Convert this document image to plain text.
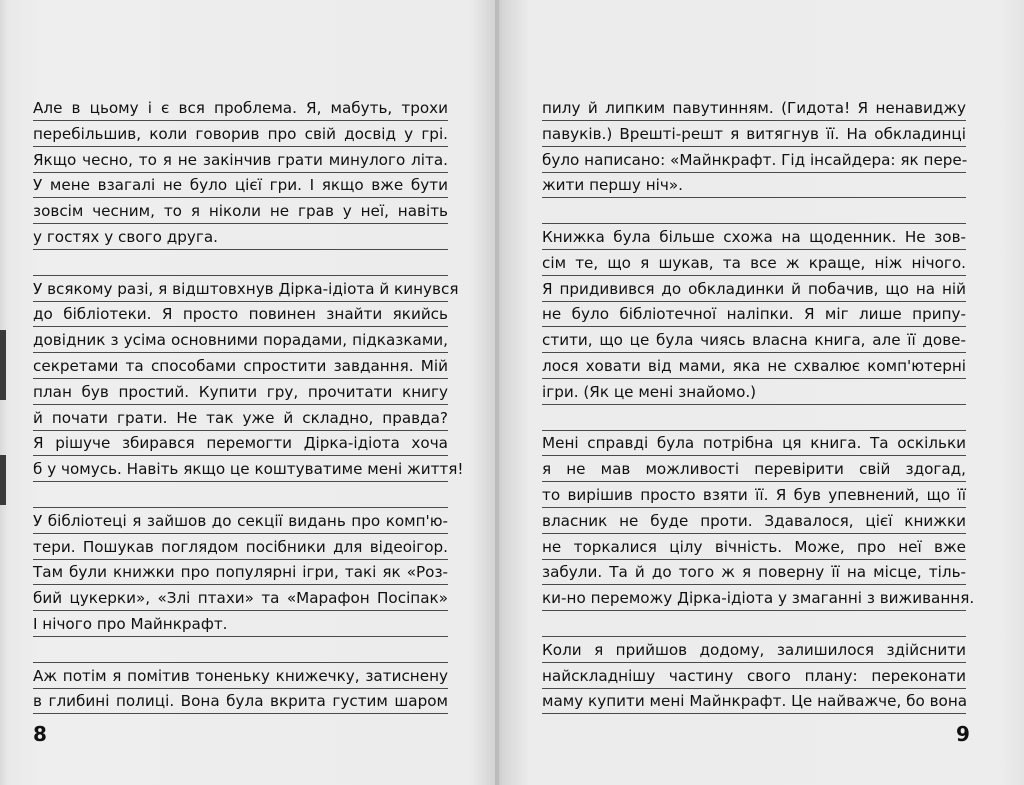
Але в цьому і є вся проблема. Я, мабуть, трохи
перебільшив, коли говорив про свій досвід у грі.
Якщо чесно, то я не закінчив грати минулого літа.
У мене взагалі не було цієї гри. І якщо вже бути
зовсім чесним, то я ніколи не грав у неї, навіть
у гостях у свого друга.
У всякому разі, я відштовхнув Дірка-ідіота й кинувся
до бібліотеки. Я просто повинен знайти якийсь
довідник з усіма основними порадами, підказками,
секретами та способами спростити завдання. Мій
план був простий. Купити гру, прочитати книгу
й почати грати. Не так уже й складно, правда?
Я рішуче збирався перемогти Дірка-ідіота хоча
б у чомусь. Навіть якщо це коштуватиме мені життя!
У бібліотеці я зайшов до секції видань про комп'ю-
тери. Пошукав поглядом посібники для відеоігор.
Там були книжки про популярні ігри, такі як «Роз-
бий цукерки», «Злі птахи» та «Марафон Посіпак»
І нічого про Майнкрафт.
Аж потім я помітив тоненьку книжечку, затиснену
в глибині полиці. Вона була вкрита густим шаром
8
пилу й липким павутинням. (Гидота! Я ненавиджу
павуків.) Врешті-решт я витягнув її. На обкладинці
було написано: «Майнкрафт. Гід інсайдера: як пере-
жити першу ніч».
Книжка була більше схожа на щоденник. Не зов-
сім те, що я шукав, та все ж краще, ніж нічого.
Я придивився до обкладинки й побачив, що на ній
не було бібліотечної наліпки. Я міг лише припу-
стити, що це була чиясь власна книга, але її дове-
лося ховати від мами, яка не схвалює комп'ютерні
ігри. (Як це мені знайомо.)
Мені справді була потрібна ця книга. Та оскільки
я не мав можливості перевірити свій здогад,
то вирішив просто взяти її. Я був упевнений, що її
власник не буде проти. Здавалося, цієї книжки
не торкалися цілу вічність. Може, про неї вже
забули. Та й до того ж я поверну її на місце, тіль-
ки-но переможу Дірка-ідіота у змаганні з виживання.
Коли я прийшов додому, залишилося здійснити
найскладнішу частину свого плану: переконати
маму купити мені Майнкрафт. Це найважче, бо вона
9
